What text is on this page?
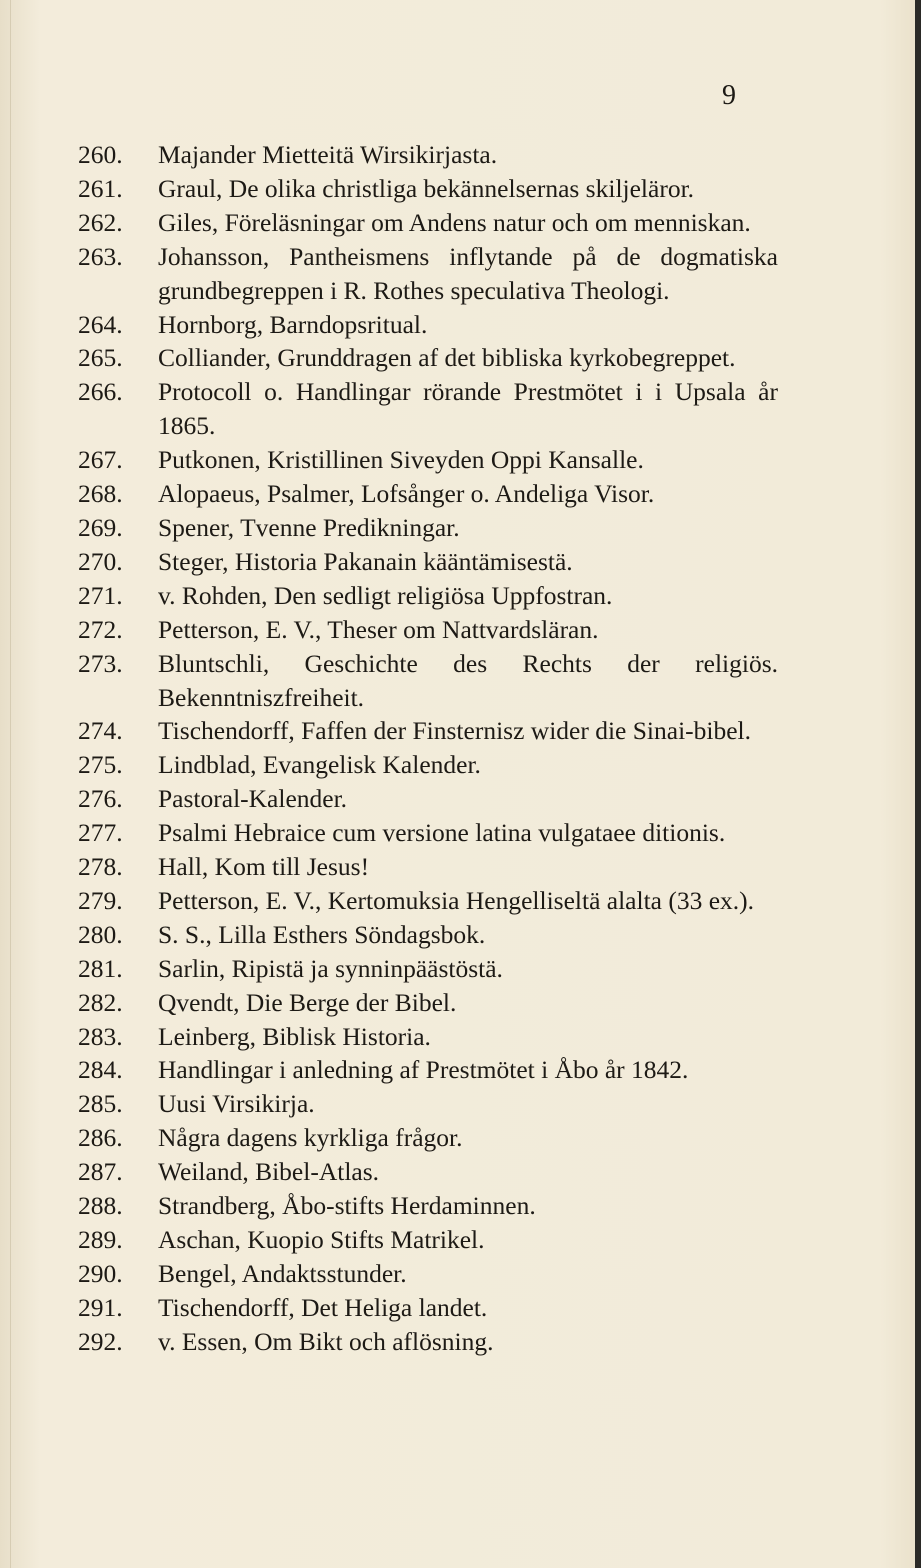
9
260.	Majander Mietteitä Wirsikirjasta.
261.	Graul, De olika christliga bekännelsernas skiljeläror.
262.	Giles, Föreläsningar om Andens natur och om menniskan.
263.	Johansson, Pantheismens inflytande på de dogmatiska grundbegreppen i R. Rothes speculativa Theologi.
264.	Hornborg, Barndopsritual.
265.	Colliander, Grunddragen af det bibliska kyrkobegreppet.
266.	Protocoll o. Handlingar rörande Prestmötet i i Upsala år 1865.
267.	Putkonen, Kristillinen Siveyden Oppi Kansalle.
268.	Alopaeus, Psalmer, Lofsånger o. Andeliga Visor.
269.	Spener, Tvenne Predikningar.
270.	Steger, Historia Pakanain kääntämisestä.
271.	v. Rohden, Den sedligt religiösa Uppfostran.
272.	Petterson, E. V., Theser om Nattvardsläran.
273.	Bluntschli, Geschichte des Rechts der religiös. Bekenntniszfreiheit.
274.	Tischendorff, Faffen der Finsternisz wider die Sinai-bibel.
275.	Lindblad, Evangelisk Kalender.
276.	Pastoral-Kalender.
277.	Psalmi Hebraice cum versione latina vulgataee ditionis.
278.	Hall, Kom till Jesus!
279.	Petterson, E. V., Kertomuksia Hengelliseltä alalta (33 ex.).
280.	S. S., Lilla Esthers Söndagsbok.
281.	Sarlin, Ripistä ja synninpäästöstä.
282.	Qvendt, Die Berge der Bibel.
283.	Leinberg, Biblisk Historia.
284.	Handlingar i anledning af Prestmötet i Åbo år 1842.
285.	Uusi Virsikirja.
286.	Några dagens kyrkliga frågor.
287.	Weiland, Bibel-Atlas.
288.	Strandberg, Åbo-stifts Herdaminnen.
289.	Aschan, Kuopio Stifts Matrikel.
290.	Bengel, Andaktsstunder.
291.	Tischendorff, Det Heliga landet.
292.	v. Essen, Om Bikt och aflösning.
